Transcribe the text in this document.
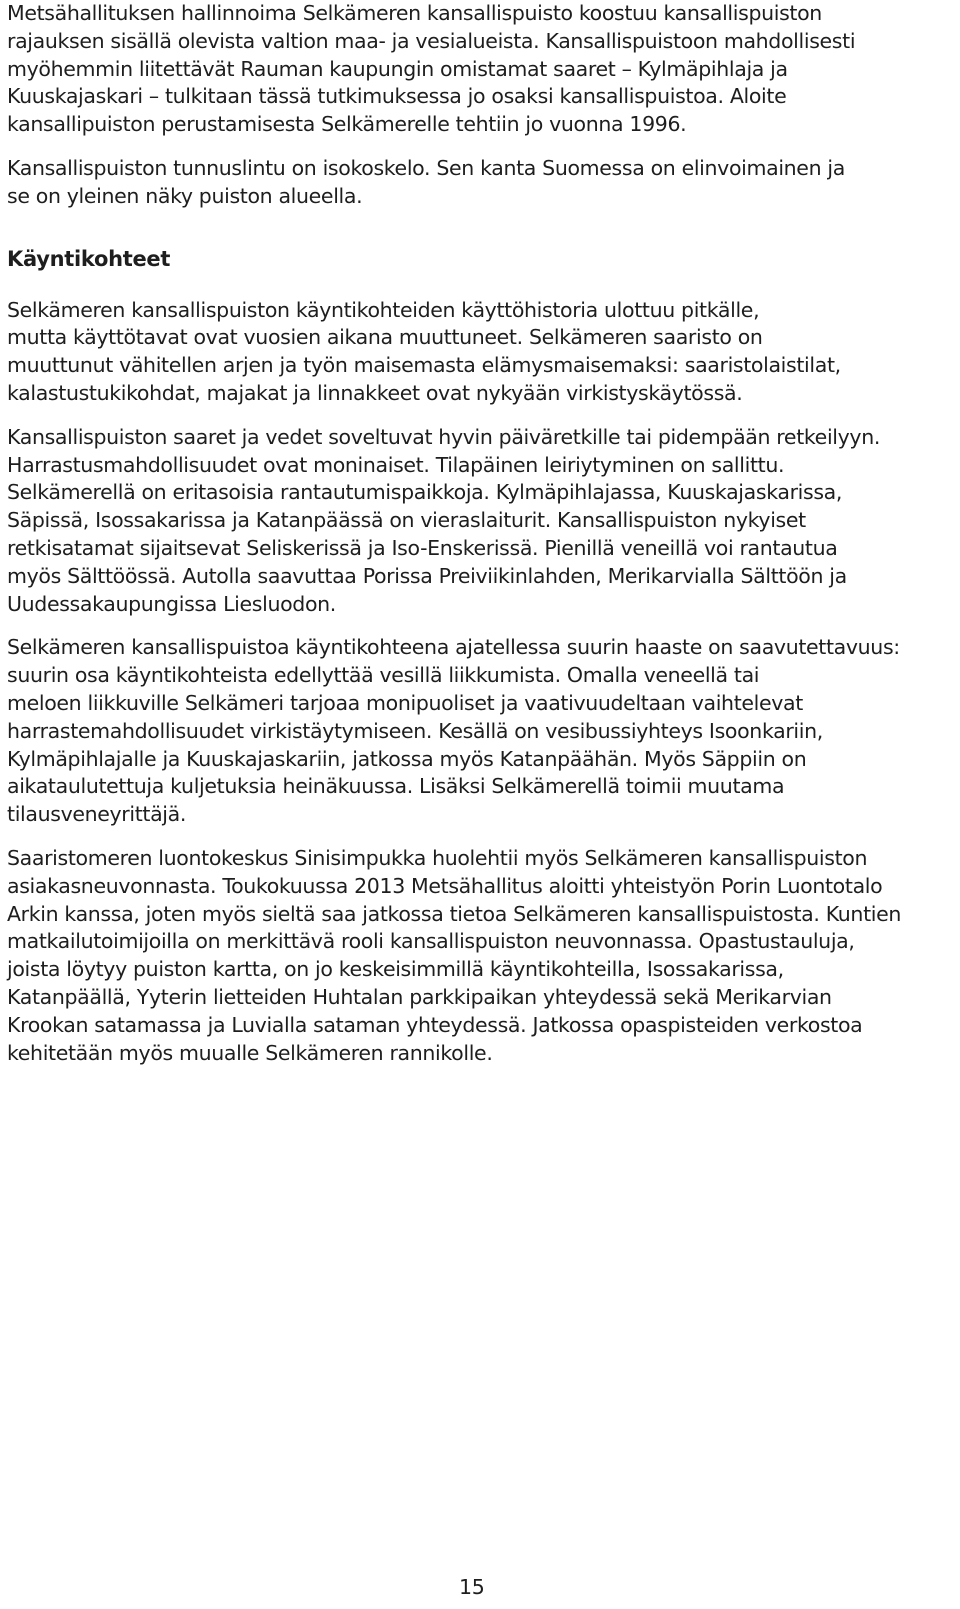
Metsähallituksen hallinnoima Selkämeren kansallispuisto koostuu kansallispuiston
rajauksen sisällä olevista valtion maa- ja vesialueista. Kansallispuistoon mahdollisesti
myöhemmin liitettävät Rauman kaupungin omistamat saaret – Kylmäpihlaja ja
Kuuskajaskari – tulkitaan tässä tutkimuksessa jo osaksi kansallispuistoa. Aloite
kansallipuiston perustamisesta Selkämerelle tehtiin jo vuonna 1996.

Kansallispuiston tunnuslintu on isokoskelo. Sen kanta Suomessa on elinvoimainen ja
se on yleinen näky puiston alueella.

Käyntikohteet

Selkämeren kansallispuiston käyntikohteiden käyttöhistoria ulottuu pitkälle,
mutta käyttötavat ovat vuosien aikana muuttuneet. Selkämeren saaristo on
muuttunut vähitellen arjen ja työn maisemasta elämysmaisemaksi: saaristolaistilat,
kalastustukikohdat, majakat ja linnakkeet ovat nykyään virkistyskäytössä.

Kansallispuiston saaret ja vedet soveltuvat hyvin päiväretkille tai pidempään retkeilyyn.
Harrastusmahdollisuudet ovat moninaiset. Tilapäinen leiriytyminen on sallittu.
Selkämerellä on eritasoisia rantautumispaikkoja. Kylmäpihlajassa, Kuuskajaskarissa,
Säpissä, Isossakarissa ja Katanpäässä on vieraslaiturit. Kansallispuiston nykyiset
retkisatamat sijaitsevat Seliskerissä ja Iso-Enskerissä. Pienillä veneillä voi rantautua
myös Sälttöössä. Autolla saavuttaa Porissa Preiviikinlahden, Merikarvialla Sälttöön ja
Uudessakaupungissa Liesluodon.

Selkämeren kansallispuistoa käyntikohteena ajatellessa suurin haaste on saavutettavuus:
suurin osa käyntikohteista edellyttää vesillä liikkumista. Omalla veneellä tai
meloen liikkuville Selkämeri tarjoaa monipuoliset ja vaativuudeltaan vaihtelevat
harrastemahdollisuudet virkistäytymiseen. Kesällä on vesibussiyhteys Isoonkariin,
Kylmäpihlajalle ja Kuuskajaskariin, jatkossa myös Katanpäähän. Myös Säppiin on
aikataulutettuja kuljetuksia heinäkuussa. Lisäksi Selkämerellä toimii muutama
tilausveneyrittäjä.

Saaristomeren luontokeskus Sinisimpukka huolehtii myös Selkämeren kansallispuiston
asiakasneuvonnasta. Toukokuussa 2013 Metsähallitus aloitti yhteistyön Porin Luontotalo
Arkin kanssa, joten myös sieltä saa jatkossa tietoa Selkämeren kansallispuistosta. Kuntien
matkailutoimijoilla on merkittävä rooli kansallispuiston neuvonnassa. Opastustauluja,
joista löytyy puiston kartta, on jo keskeisimmillä käyntikohteilla, Isossakarissa,
Katanpäällä, Yyterin lietteiden Huhtalan parkkipaikan yhteydessä sekä Merikarvian
Krookan satamassa ja Luvialla sataman yhteydessä. Jatkossa opaspisteiden verkostoa
kehitetään myös muualle Selkämeren rannikolle.

15
